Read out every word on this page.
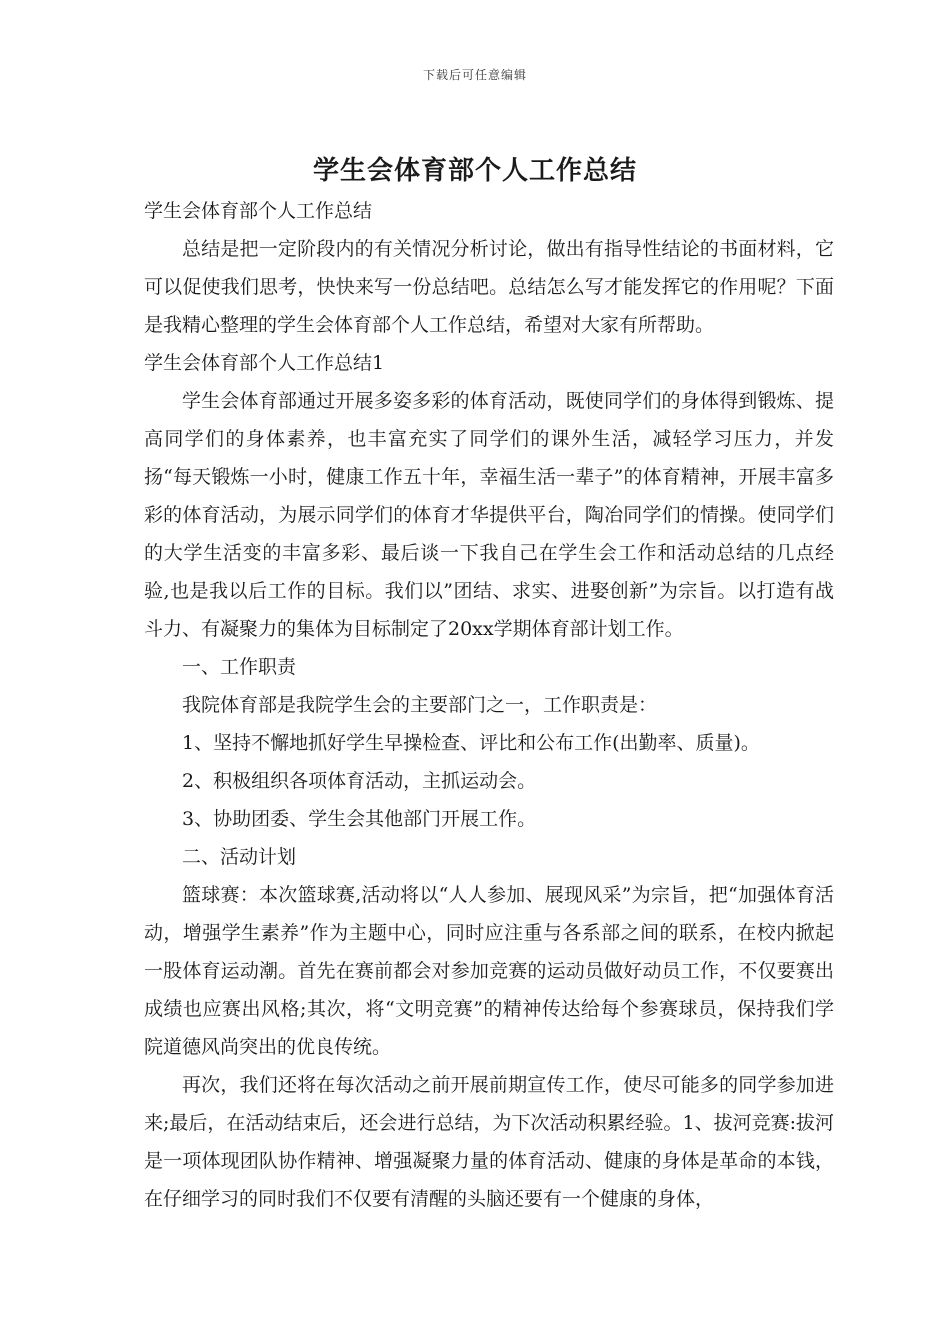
下载后可任意编辑
学生会体育部个人工作总结

学生会体育部个人工作总结

总结是把一定阶段内的有关情况分析讨论，做出有指导性结论的书面材料，它可以促使我们思考，快快来写一份总结吧。总结怎么写才能发挥它的作用呢？下面是我精心整理的学生会体育部个人工作总结，希望对大家有所帮助。

学生会体育部个人工作总结1

学生会体育部通过开展多姿多彩的体育活动，既使同学们的身体得到锻炼、提高同学们的身体素养，也丰富充实了同学们的课外生活，减轻学习压力，并发扬“每天锻炼一小时，健康工作五十年，幸福生活一辈子”的体育精神，开展丰富多彩的体育活动，为展示同学们的体育才华提供平台，陶冶同学们的情操。使同学们的大学生活变的丰富多彩、最后谈一下我自己在学生会工作和活动总结的几点经验,也是我以后工作的目标。我们以”团结、求实、进娶创新”为宗旨。以打造有战斗力、有凝聚力的集体为目标制定了20xx学期体育部计划工作。

一、工作职责

我院体育部是我院学生会的主要部门之一，工作职责是：

1、坚持不懈地抓好学生早操检查、评比和公布工作(出勤率、质量)。

2、积极组织各项体育活动，主抓运动会。

3、协助团委、学生会其他部门开展工作。

二、活动计划

篮球赛：本次篮球赛,活动将以“人人参加、展现风采”为宗旨，把“加强体育活动，增强学生素养”作为主题中心，同时应注重与各系部之间的联系，在校内掀起一股体育运动潮。首先在赛前都会对参加竞赛的运动员做好动员工作，不仅要赛出成绩也应赛出风格;其次，将“文明竞赛”的精神传达给每个参赛球员，保持我们学院道德风尚突出的优良传统。

再次，我们还将在每次活动之前开展前期宣传工作，使尽可能多的同学参加进来;最后，在活动结束后，还会进行总结，为下次活动积累经验。1、拔河竞赛:拔河是一项体现团队协作精神、增强凝聚力量的体育活动、健康的身体是革命的本钱，在仔细学习的同时我们不仅要有清醒的头脑还要有一个健康的身体，
